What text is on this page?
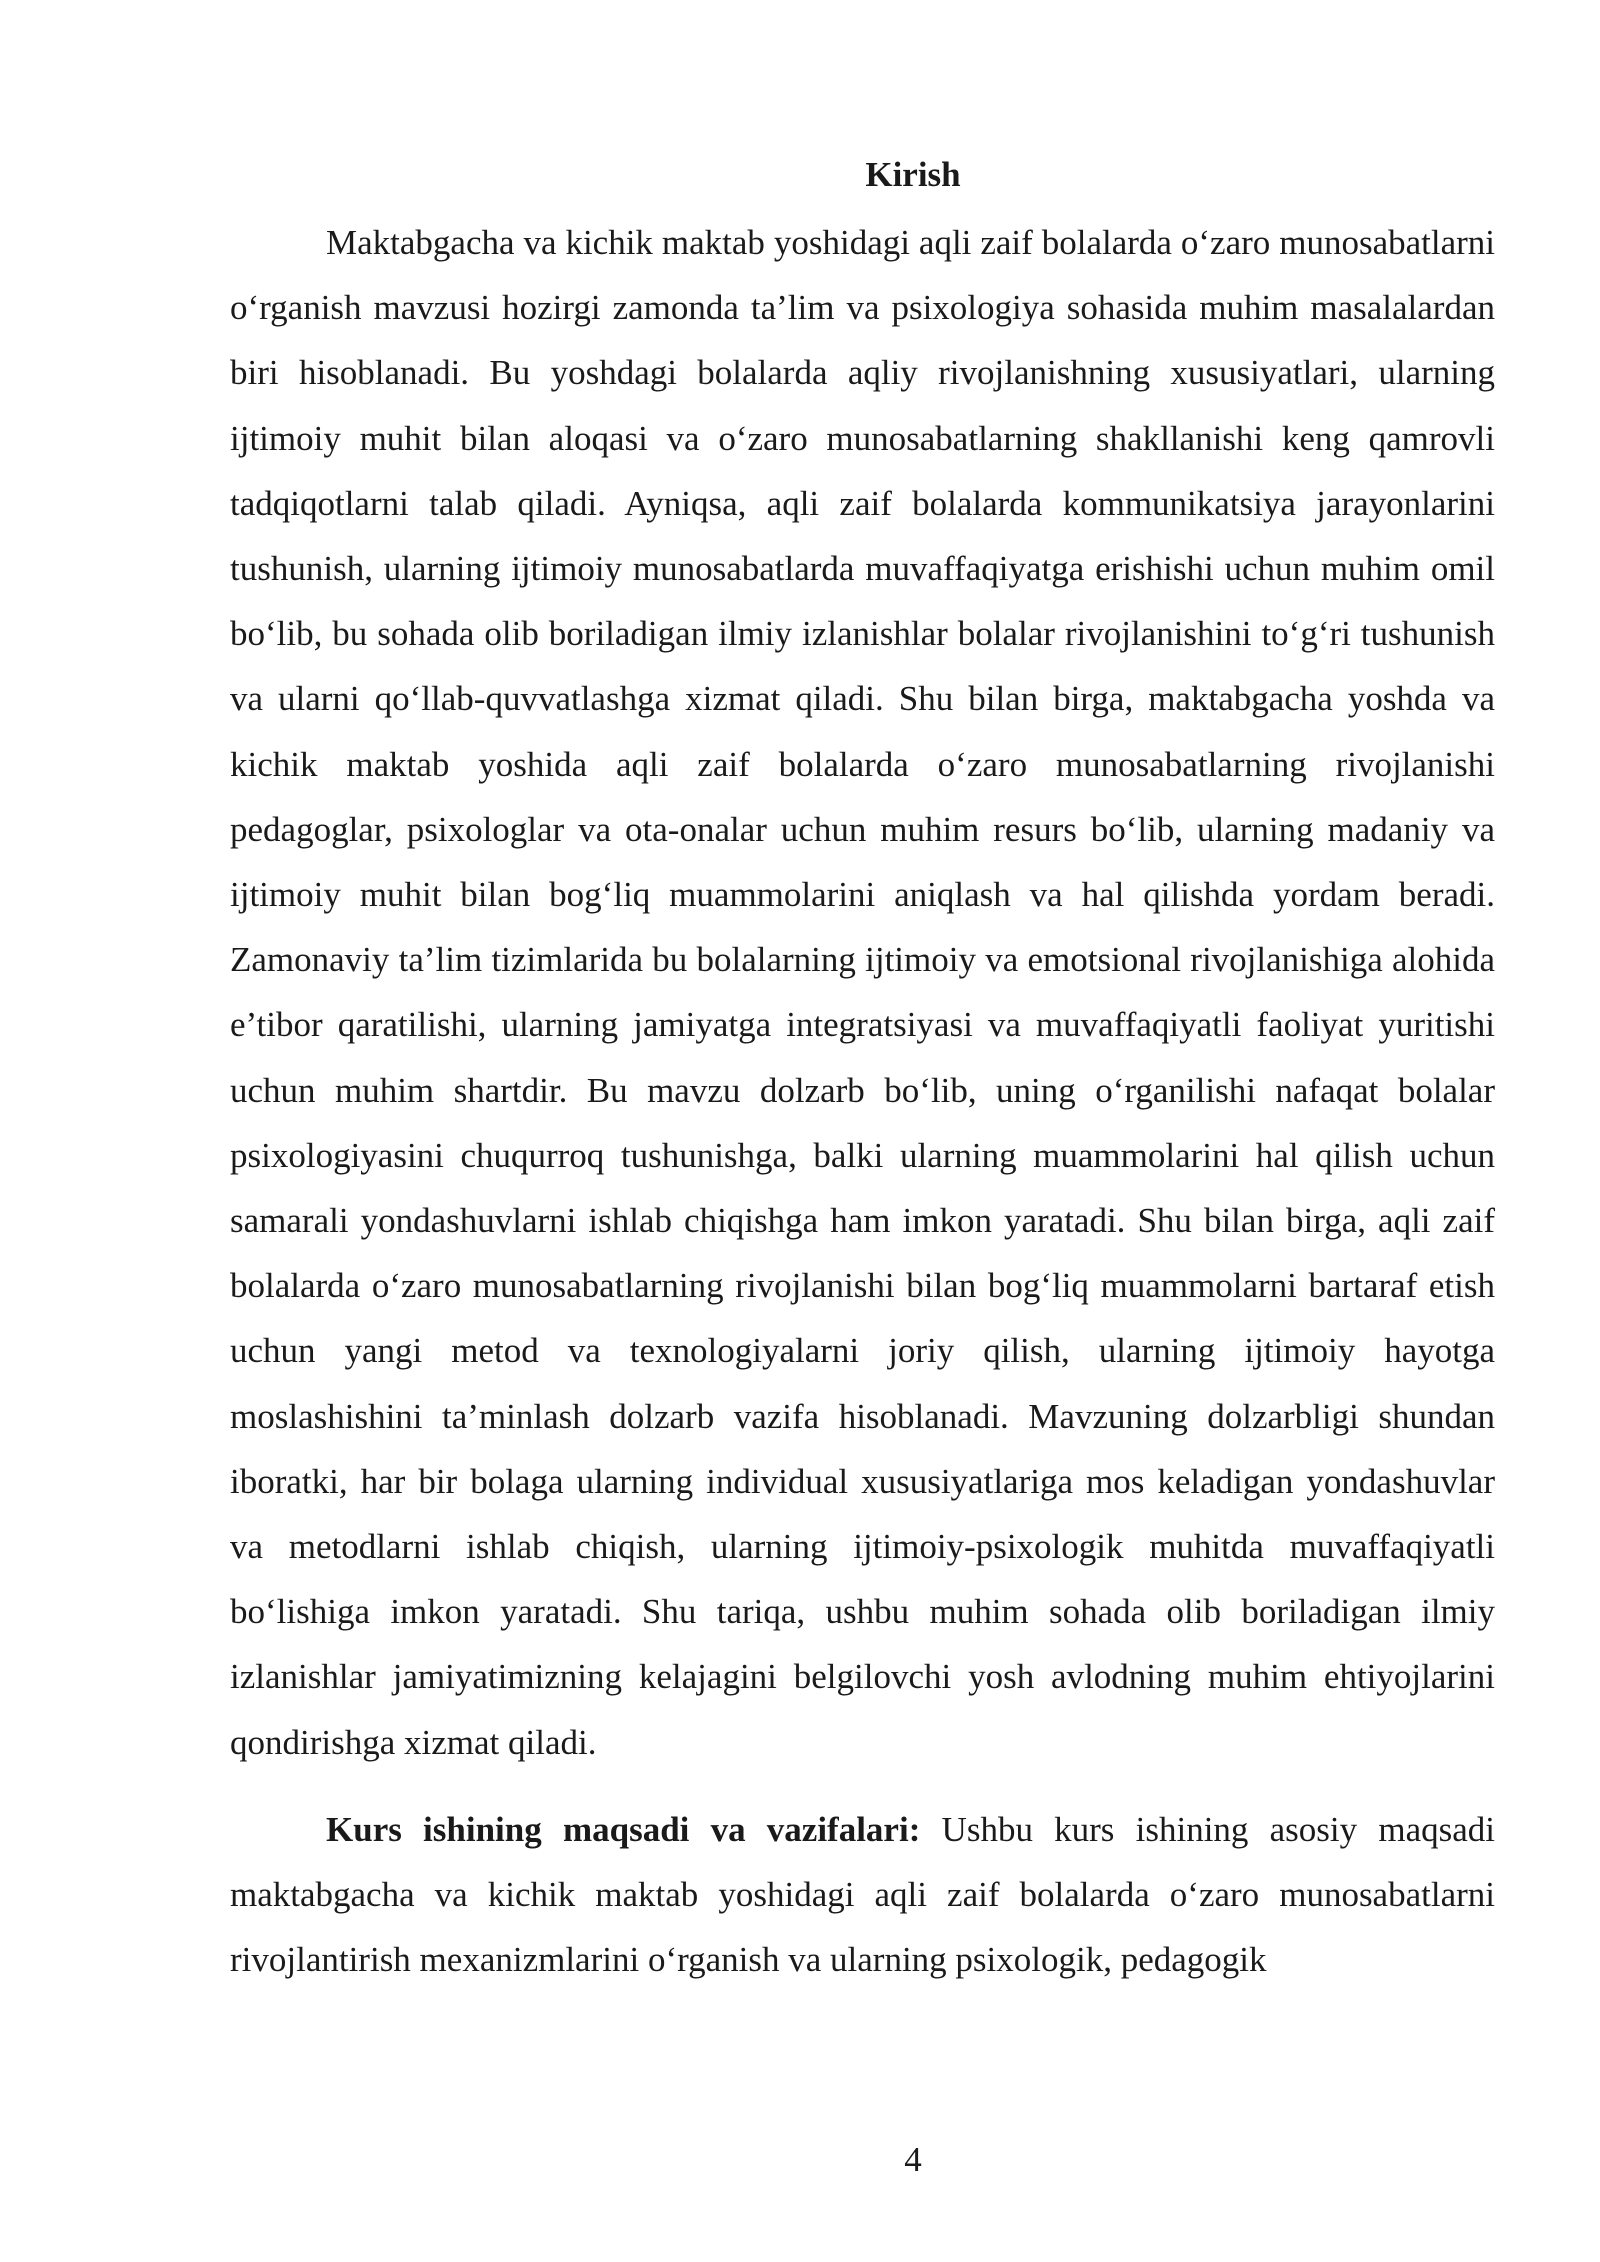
Kirish

Maktabgacha va kichik maktab yoshidagi aqli zaif bolalarda o‘zaro munosabatlarni o‘rganish mavzusi hozirgi zamonda ta’lim va psixologiya sohasida muhim masalalardan biri hisoblanadi. Bu yoshdagi bolalarda aqliy rivojlanishning xususiyatlari, ularning ijtimoiy muhit bilan aloqasi va o‘zaro munosabatlarning shakllanishi keng qamrovli tadqiqotlarni talab qiladi. Ayniqsa, aqli zaif bolalarda kommunikatsiya jarayonlarini tushunish, ularning ijtimoiy munosabatlarda muvaffaqiyatga erishishi uchun muhim omil bo‘lib, bu sohada olib boriladigan ilmiy izlanishlar bolalar rivojlanishini to‘g‘ri tushunish va ularni qo‘llab-quvvatlashga xizmat qiladi. Shu bilan birga, maktabgacha yoshda va kichik maktab yoshida aqli zaif bolalarda o‘zaro munosabatlarning rivojlanishi pedagoglar, psixologlar va ota-onalar uchun muhim resurs bo‘lib, ularning madaniy va ijtimoiy muhit bilan bog‘liq muammolarini aniqlash va hal qilishda yordam beradi. Zamonaviy ta’lim tizimlarida bu bolalarning ijtimoiy va emotsional rivojlanishiga alohida e’tibor qaratilishi, ularning jamiyatga integratsiyasi va muvaffaqiyatli faoliyat yuritishi uchun muhim shartdir. Bu mavzu dolzarb bo‘lib, uning o‘rganilishi nafaqat bolalar psixologiyasini chuqurroq tushunishga, balki ularning muammolarini hal qilish uchun samarali yondashuvlarni ishlab chiqishga ham imkon yaratadi. Shu bilan birga, aqli zaif bolalarda o‘zaro munosabatlarning rivojlanishi bilan bog‘liq muammolarni bartaraf etish uchun yangi metod va texnologiyalarni joriy qilish, ularning ijtimoiy hayotga moslashishini ta’minlash dolzarb vazifa hisoblanadi. Mavzuning dolzarbligi shundan iboratki, har bir bolaga ularning individual xususiyatlariga mos keladigan yondashuvlar va metodlarni ishlab chiqish, ularning ijtimoiy-psixologik muhitda muvaffaqiyatli bo‘lishiga imkon yaratadi. Shu tariqa, ushbu muhim sohada olib boriladigan ilmiy izlanishlar jamiyatimizning kelajagini belgilovchi yosh avlodning muhim ehtiyojlarini qondirishga xizmat qiladi.

Kurs ishining maqsadi va vazifalari: Ushbu kurs ishining asosiy maqsadi maktabgacha va kichik maktab yoshidagi aqli zaif bolalarda o‘zaro munosabatlarni rivojlantirish mexanizmlarini o‘rganish va ularning psixologik, pedagogik

4
